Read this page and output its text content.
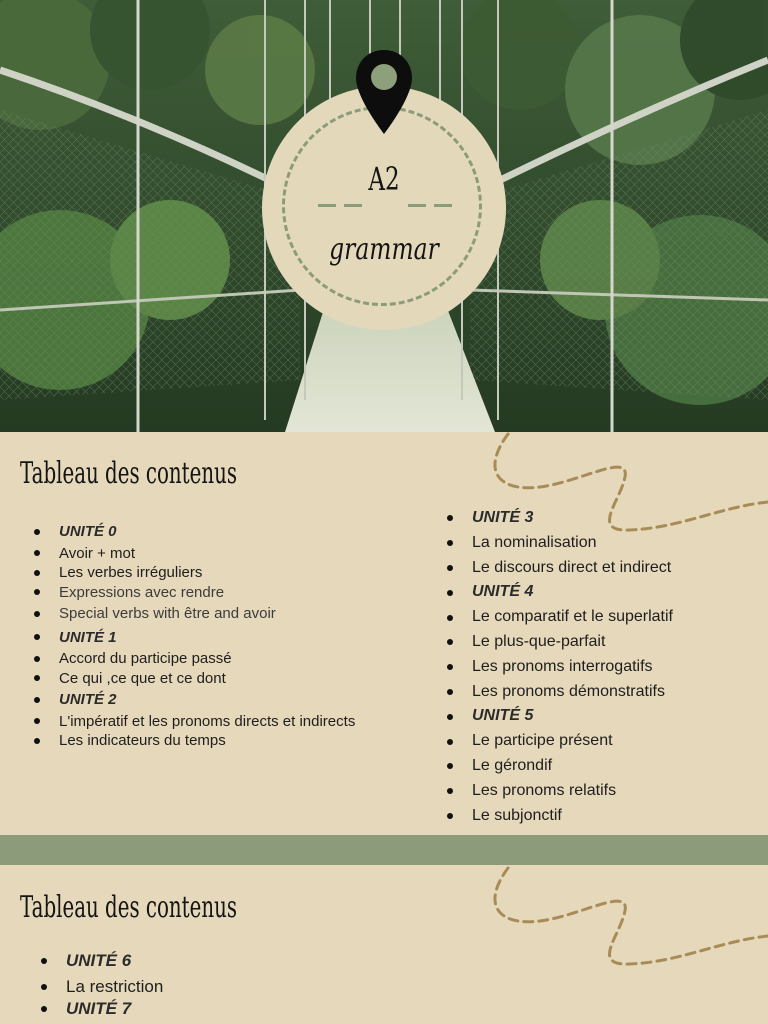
A2
grammar
Tableau des contenus
UNITÉ 0
Avoir + mot
Les verbes irréguliers
Expressions avec rendre
Special verbs with être and avoir
UNITÉ 1
Accord du participe passé
Ce qui ,ce que et ce dont
UNITÉ 2
L'impératif et les pronoms directs et indirects
Les indicateurs du temps
UNITÉ 3
La nominalisation
Le discours direct et indirect
UNITÉ 4
Le comparatif et le superlatif
Le plus-que-parfait
Les pronoms interrogatifs
Les pronoms démonstratifs
UNITÉ 5
Le participe présent
Le gérondif
Les pronoms relatifs
Le subjonctif
Tableau des contenus
UNITÉ 6
La restriction
UNITÉ 7
